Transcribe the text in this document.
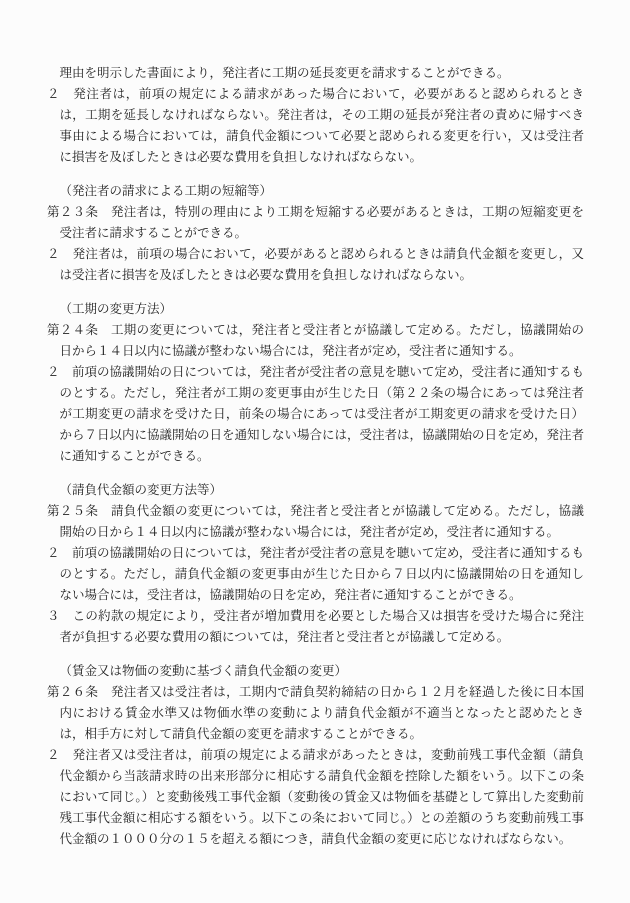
理由を明示した書面により，発注者に工期の延長変更を請求することができる。

２　発注者は，前項の規定による請求があった場合において，必要があると認められるときは，工期を延長しなければならない。発注者は，その工期の延長が発注者の責めに帰すべき事由による場合においては，請負代金額について必要と認められる変更を行い，又は受注者に損害を及ぼしたときは必要な費用を負担しなければならない。

（発注者の請求による工期の短縮等）

第２３条　発注者は，特別の理由により工期を短縮する必要があるときは，工期の短縮変更を受注者に請求することができる。

２　発注者は，前項の場合において，必要があると認められるときは請負代金額を変更し，又は受注者に損害を及ぼしたときは必要な費用を負担しなければならない。

（工期の変更方法）

第２４条　工期の変更については，発注者と受注者とが協議して定める。ただし，協議開始の日から１４日以内に協議が整わない場合には，発注者が定め，受注者に通知する。

２　前項の協議開始の日については，発注者が受注者の意見を聴いて定め，受注者に通知するものとする。ただし，発注者が工期の変更事由が生じた日（第２２条の場合にあっては発注者が工期変更の請求を受けた日，前条の場合にあっては受注者が工期変更の請求を受けた日）から７日以内に協議開始の日を通知しない場合には，受注者は，協議開始の日を定め，発注者に通知することができる。

（請負代金額の変更方法等）

第２５条　請負代金額の変更については，発注者と受注者とが協議して定める。ただし，協議開始の日から１４日以内に協議が整わない場合には，発注者が定め，受注者に通知する。

２　前項の協議開始の日については，発注者が受注者の意見を聴いて定め，受注者に通知するものとする。ただし，請負代金額の変更事由が生じた日から７日以内に協議開始の日を通知しない場合には，受注者は，協議開始の日を定め，発注者に通知することができる。

３　この約款の規定により，受注者が増加費用を必要とした場合又は損害を受けた場合に発注者が負担する必要な費用の額については，発注者と受注者とが協議して定める。

（賃金又は物価の変動に基づく請負代金額の変更）

第２６条　発注者又は受注者は，工期内で請負契約締結の日から１２月を経過した後に日本国内における賃金水準又は物価水準の変動により請負代金額が不適当となったと認めたときは，相手方に対して請負代金額の変更を請求することができる。

２　発注者又は受注者は，前項の規定による請求があったときは，変動前残工事代金額（請負代金額から当該請求時の出来形部分に相応する請負代金額を控除した額をいう。以下この条において同じ。）と変動後残工事代金額（変動後の賃金又は物価を基礎として算出した変動前残工事代金額に相応する額をいう。以下この条において同じ。）との差額のうち変動前残工事代金額の１０００分の１５を超える額につき，請負代金額の変更に応じなければならない。
